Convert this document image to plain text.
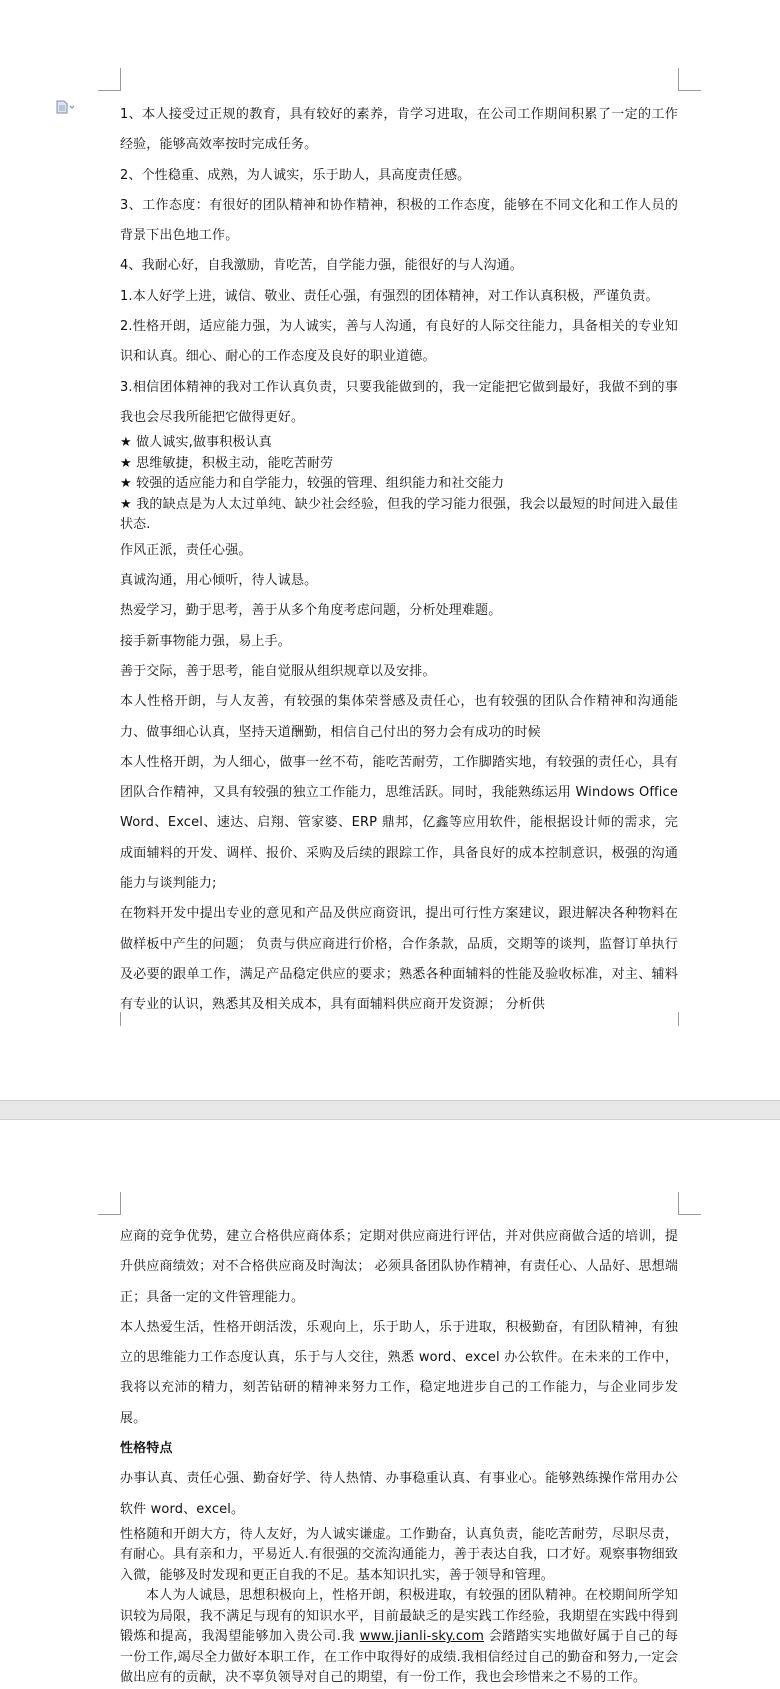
1、本人接受过正规的教育，具有较好的素养，肯学习进取，在公司工作期间积累了一定的工作经验，能够高效率按时完成任务。

2、个性稳重、成熟，为人诚实，乐于助人，具高度责任感。

3、工作态度：有很好的团队精神和协作精神，积极的工作态度，能够在不同文化和工作人员的背景下出色地工作。

4、我耐心好，自我激励，肯吃苦，自学能力强，能很好的与人沟通。

1.本人好学上进，诚信、敬业、责任心强，有强烈的团体精神，对工作认真积极，严谨负责。

2.性格开朗，适应能力强，为人诚实，善与人沟通，有良好的人际交往能力，具备相关的专业知识和认真。细心、耐心的工作态度及良好的职业道德。

3.相信团体精神的我对工作认真负责，只要我能做到的，我一定能把它做到最好，我做不到的事我也会尽我所能把它做得更好。

★ 做人诚实,做事积极认真

★ 思维敏捷，积极主动，能吃苦耐劳

★ 较强的适应能力和自学能力，较强的管理、组织能力和社交能力

★ 我的缺点是为人太过单纯、缺少社会经验，但我的学习能力很强，我会以最短的时间进入最佳状态.

作风正派，责任心强。

真诚沟通，用心倾听，待人诚恳。

热爱学习，勤于思考，善于从多个角度考虑问题，分析处理难题。

接手新事物能力强，易上手。

善于交际，善于思考，能自觉服从组织规章以及安排。

本人性格开朗，与人友善，有较强的集体荣誉感及责任心，也有较强的团队合作精神和沟通能力、做事细心认真，坚持天道酬勤，相信自己付出的努力会有成功的时候

本人性格开朗，为人细心，做事一丝不苟，能吃苦耐劳，工作脚踏实地，有较强的责任心，具有团队合作精神，又具有较强的独立工作能力，思维活跃。同时，我能熟练运用 Windows Office Word、Excel、速达、启翔、管家婆、ERP 鼎邦，亿鑫等应用软件，能根据设计师的需求，完成面辅料的开发、调样、报价、采购及后续的跟踪工作，具备良好的成本控制意识，极强的沟通能力与谈判能力;

在物料开发中提出专业的意见和产品及供应商资讯，提出可行性方案建议，跟进解决各种物料在做样板中产生的问题； 负责与供应商进行价格，合作条款，品质，交期等的谈判，监督订单执行及必要的跟单工作，满足产品稳定供应的要求；熟悉各种面辅料的性能及验收标准，对主、辅料有专业的认识，熟悉其及相关成本，具有面辅料供应商开发资源； 分析供

应商的竞争优势，建立合格供应商体系；定期对供应商进行评估，并对供应商做合适的培训，提升供应商绩效；对不合格供应商及时淘汰； 必须具备团队协作精神，有责任心、人品好、思想端正；具备一定的文件管理能力。

本人热爱生活，性格开朗活泼，乐观向上，乐于助人，乐于进取，积极勤奋，有团队精神，有独立的思维能力工作态度认真，乐于与人交往，熟悉 word、excel 办公软件。在未来的工作中，我将以充沛的精力，刻苦钻研的精神来努力工作，稳定地进步自己的工作能力，与企业同步发展。

性格特点

办事认真、责任心强、勤奋好学、待人热情、办事稳重认真、有事业心。能够熟练操作常用办公软件 word、excel。

性格随和开朗大方，待人友好，为人诚实谦虚。工作勤奋，认真负责，能吃苦耐劳，尽职尽责，有耐心。具有亲和力，平易近人.有很强的交流沟通能力，善于表达自我，口才好。观察事物细致入微，能够及时发现和更正自我的不足。基本知识扎实，善于领导和管理。

本人为人诚恳，思想积极向上，性格开朗，积极进取，有较强的团队精神。在校期间所学知识较为局限，我不满足与现有的知识水平，目前最缺乏的是实践工作经验，我期望在实践中得到锻炼和提高，我渴望能够加入贵公司.我 www.jianli-sky.com 会踏踏实实地做好属于自己的每一份工作,竭尽全力做好本职工作，在工作中取得好的成绩.我相信经过自己的勤奋和努力,一定会做出应有的贡献，决不辜负领导对自己的期望，有一份工作，我也会珍惜来之不易的工作。
